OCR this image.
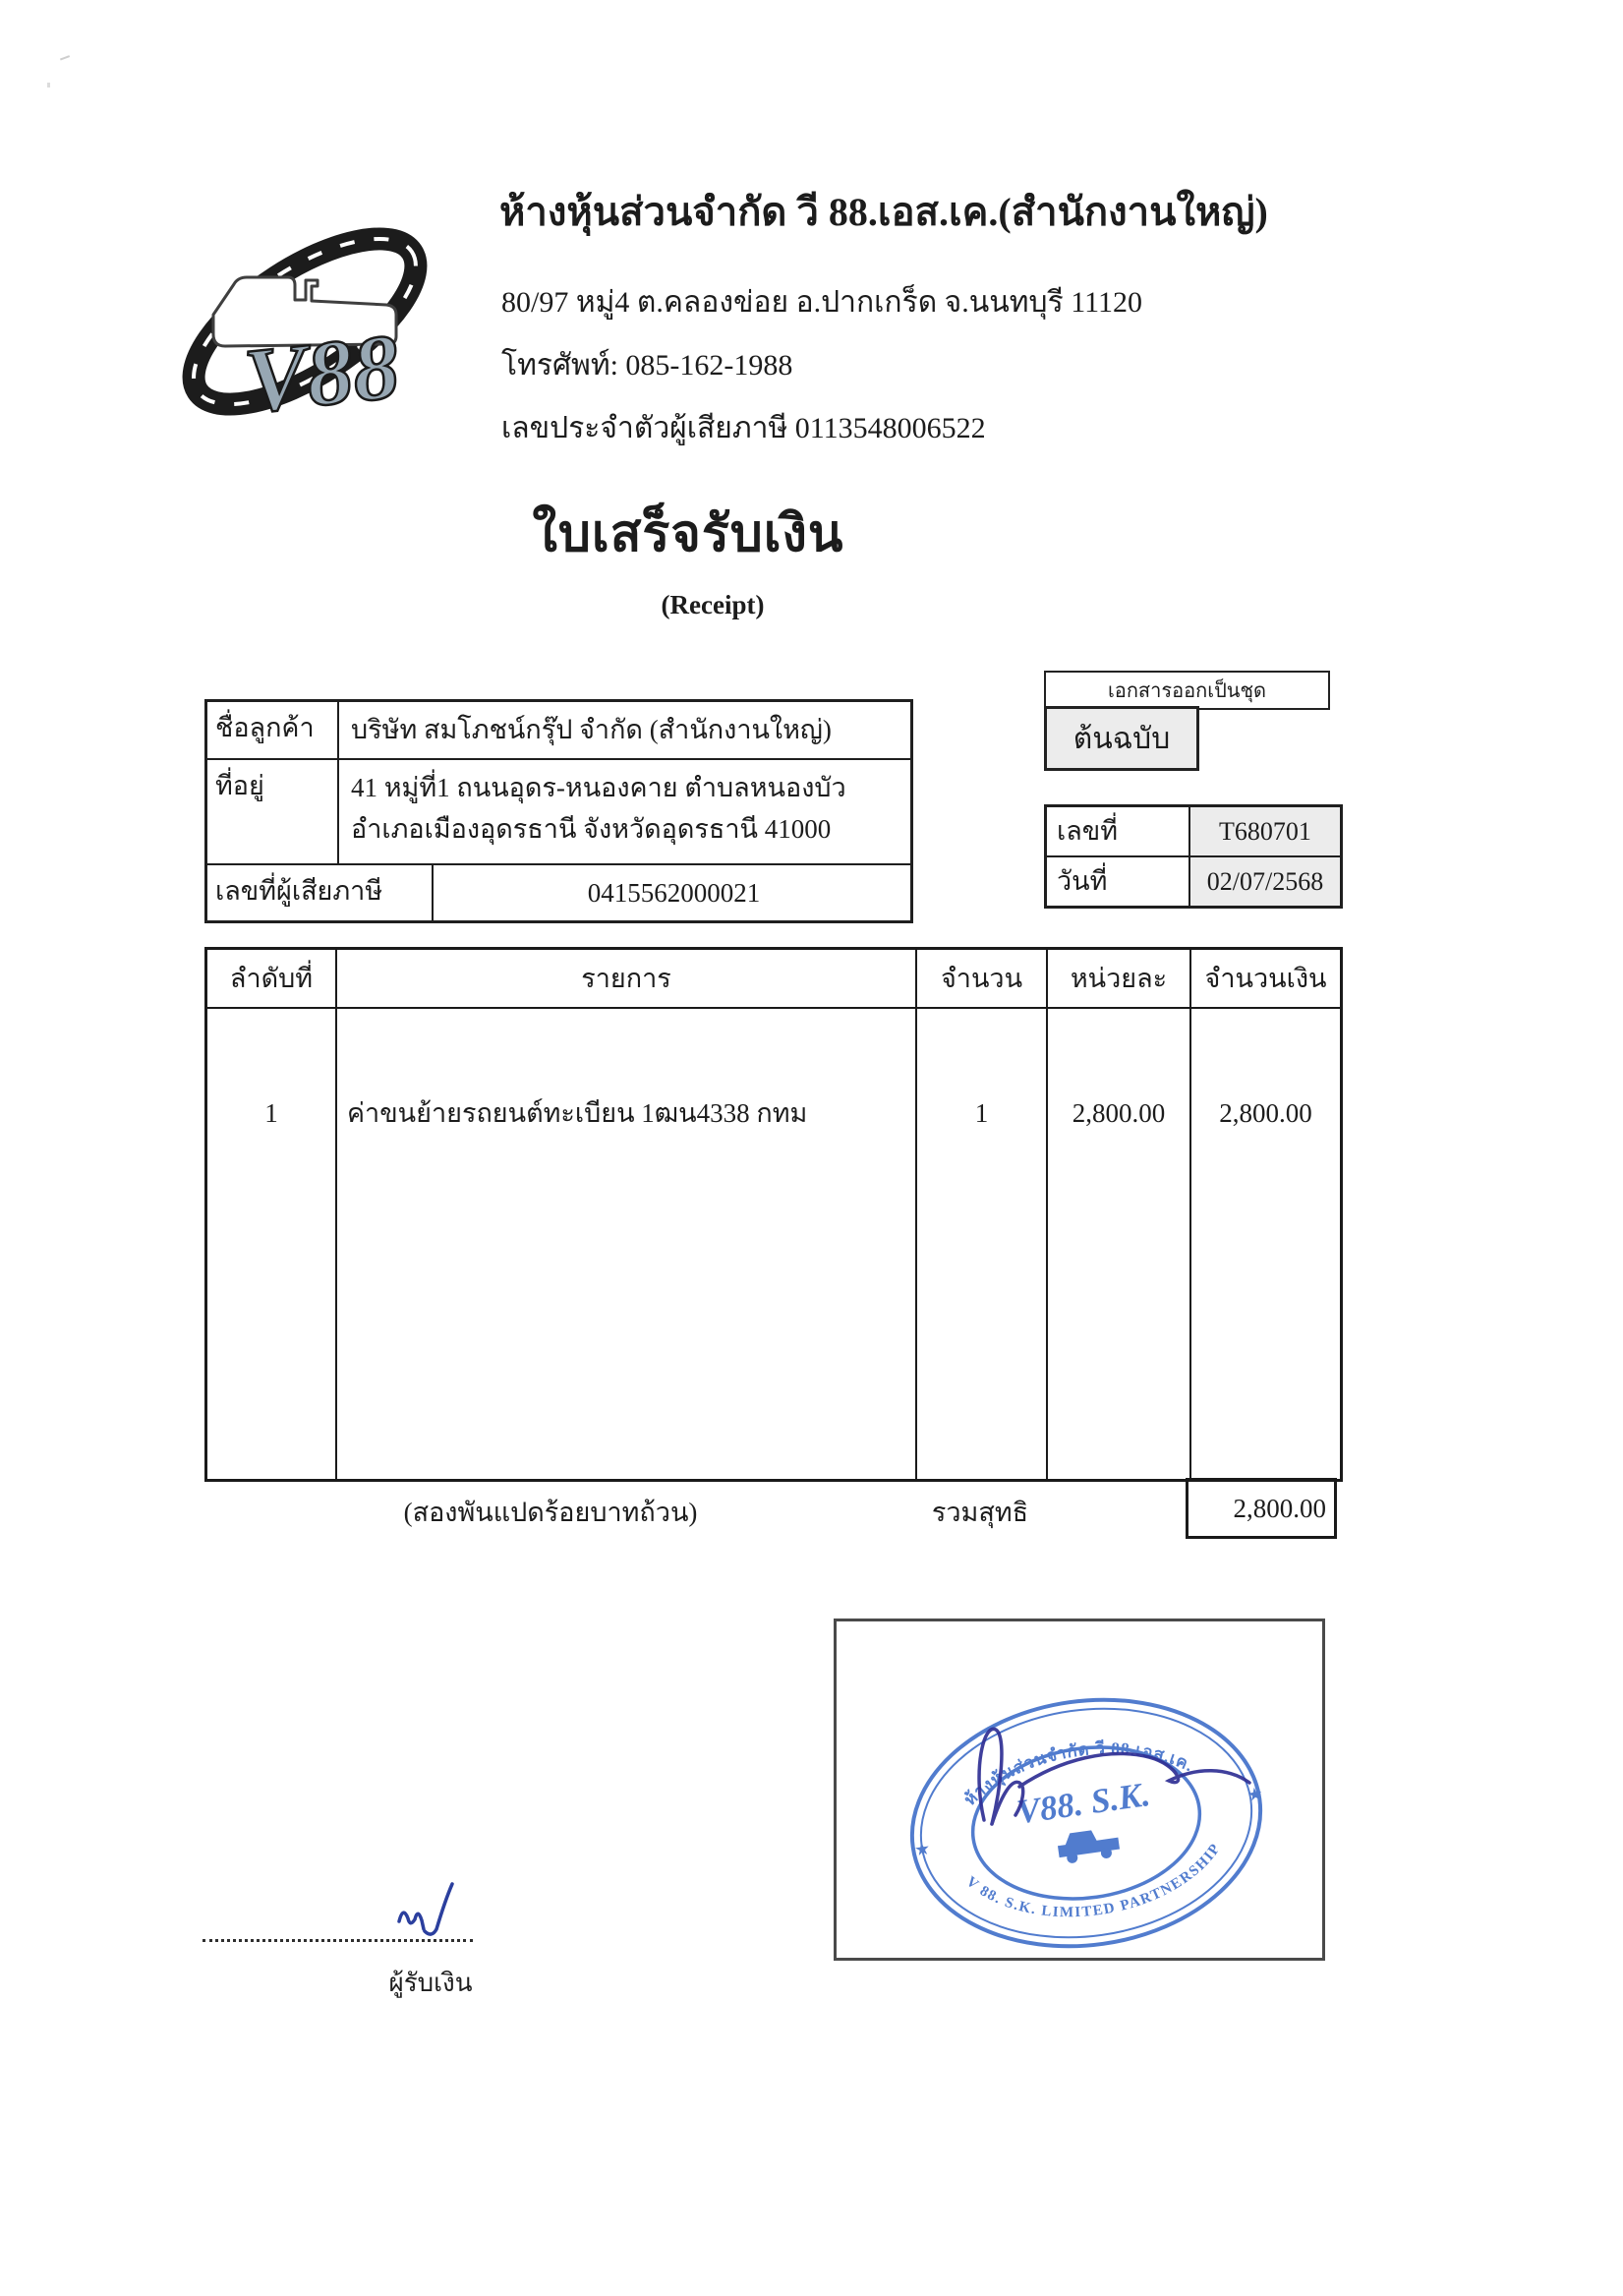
V88
ห้างหุ้นส่วนจำกัด วี 88.เอส.เค.(สำนักงานใหญ่)
80/97 หมู่4 ต.คลองข่อย อ.ปากเกร็ด จ.นนทบุรี 11120
โทรศัพท์: 085-162-1988
เลขประจำตัวผู้เสียภาษี 0113548006522
ใบเสร็จรับเงิน
(Receipt)
เอกสารออกเป็นชุด
ต้นฉบับ
ชื่อลูกค้า	บริษัท สมโภชน์กรุ๊ป จำกัด (สำนักงานใหญ่)
ที่อยู่	41 หมู่ที่1 ถนนอุดร-หนองคาย ตำบลหนองบัว
อำเภอเมืองอุดรธานี จังหวัดอุดรธานี 41000
เลขที่ผู้เสียภาษี	0415562000021
เลขที่	T680701
วันที่	02/07/2568
ลำดับที่	รายการ	จำนวน	หน่วยละ	จำนวนเงิน
1	ค่าขนย้ายรถยนต์ทะเบียน 1ฒน4338 กทม	1	2,800.00	2,800.00
(สองพันแปดร้อยบาทถ้วน)	รวมสุทธิ	2,800.00
ห้างหุ้นส่วนจำกัด วี 88.เอส.เค.
V 88. S.K. LIMITED PARTNERSHIP
★
★
V88. S.K.
ผู้รับเงิน
